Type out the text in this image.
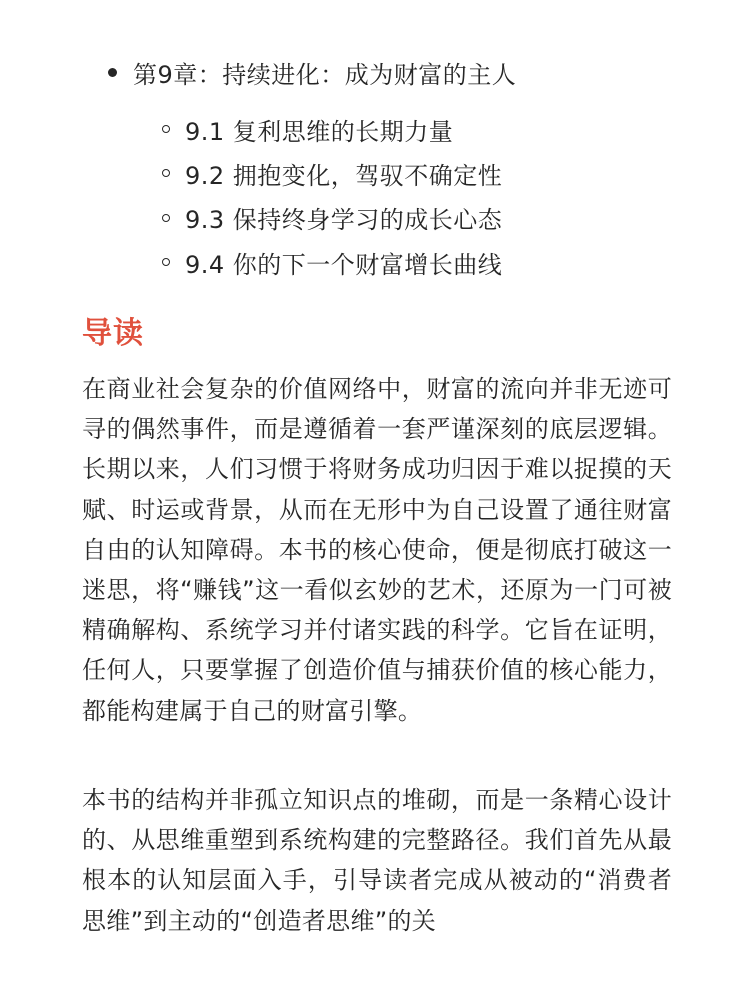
第9章：持续进化：成为财富的主人
9.1 复利思维的长期力量
9.2 拥抱变化，驾驭不确定性
9.3 保持终身学习的成长心态
9.4 你的下一个财富增长曲线
导读

在商业社会复杂的价值网络中，财富的流向并非无迹可寻的偶然事件，而是遵循着一套严谨深刻的底层逻辑。长期以来，人们习惯于将财务成功归因于难以捉摸的天赋、时运或背景，从而在无形中为自己设置了通往财富自由的认知障碍。本书的核心使命，便是彻底打破这一迷思，将“赚钱”这一看似玄妙的艺术，还原为一门可被精确解构、系统学习并付诸实践的科学。它旨在证明，任何人，只要掌握了创造价值与捕获价值的核心能力，都能构建属于自己的财富引擎。

本书的结构并非孤立知识点的堆砌，而是一条精心设计的、从思维重塑到系统构建的完整路径。我们首先从最根本的认知层面入手，引导读者完成从被动的“消费者思维”到主动的“创造者思维”的关
